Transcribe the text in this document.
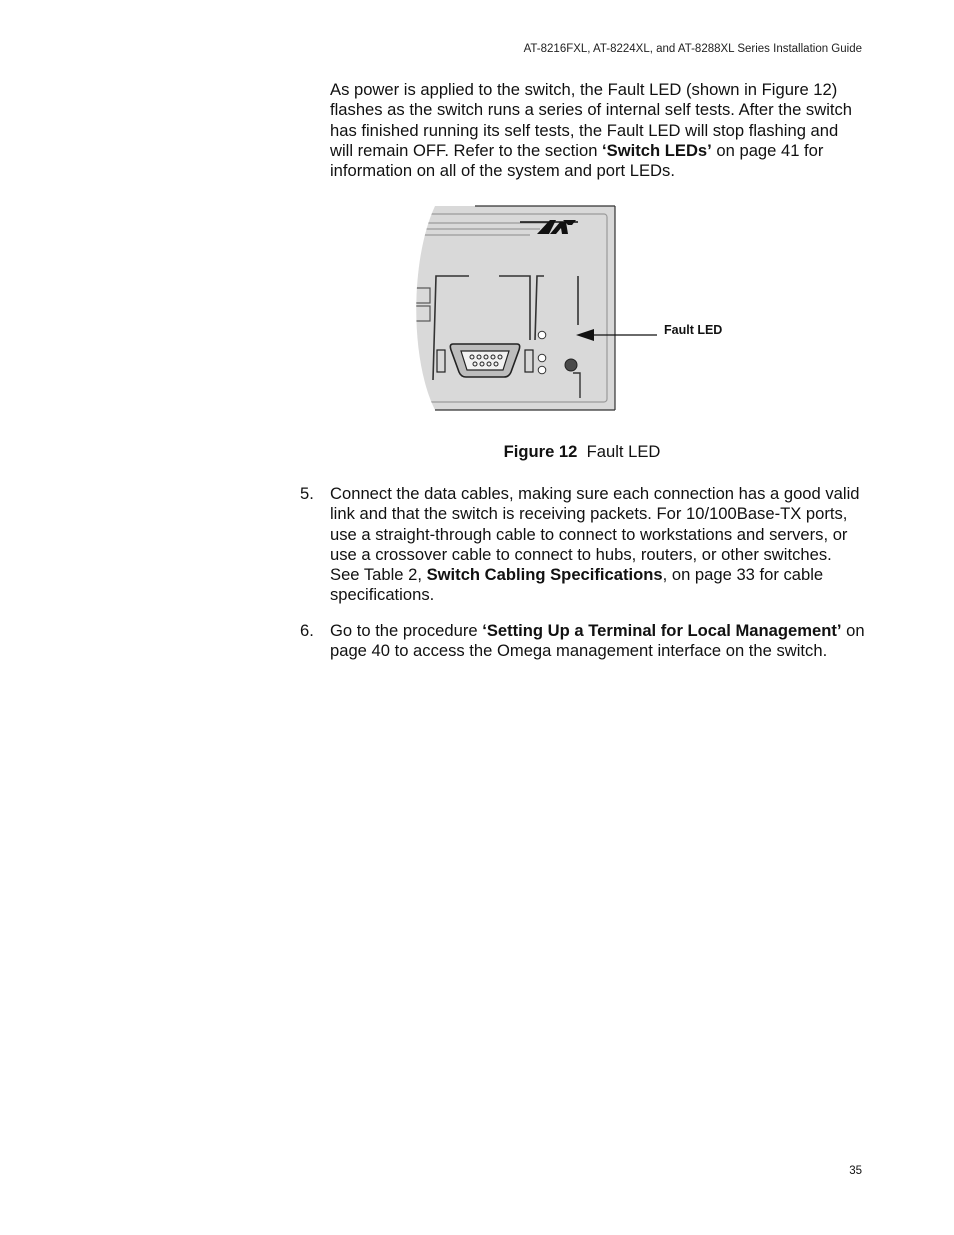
AT-8216FXL, AT-8224XL, and AT-8288XL Series Installation Guide

As power is applied to the switch, the Fault LED (shown in Figure 12) flashes as the switch runs a series of internal self tests. After the switch has finished running its self tests, the Fault LED will stop flashing and will remain OFF. Refer to the section ‘Switch LEDs’ on page 41 for information on all of the system and port LEDs.

Fault LED
Figure 12 Fault LED
5. Connect the data cables, making sure each connection has a good valid link and that the switch is receiving packets. For 10/100Base-TX ports, use a straight-through cable to connect to workstations and servers, or use a crossover cable to connect to hubs, routers, or other switches. See Table 2, Switch Cabling Specifications, on page 33 for cable specifications.
6. Go to the procedure ‘Setting Up a Terminal for Local Management’ on page 40 to access the Omega management interface on the switch.
35
